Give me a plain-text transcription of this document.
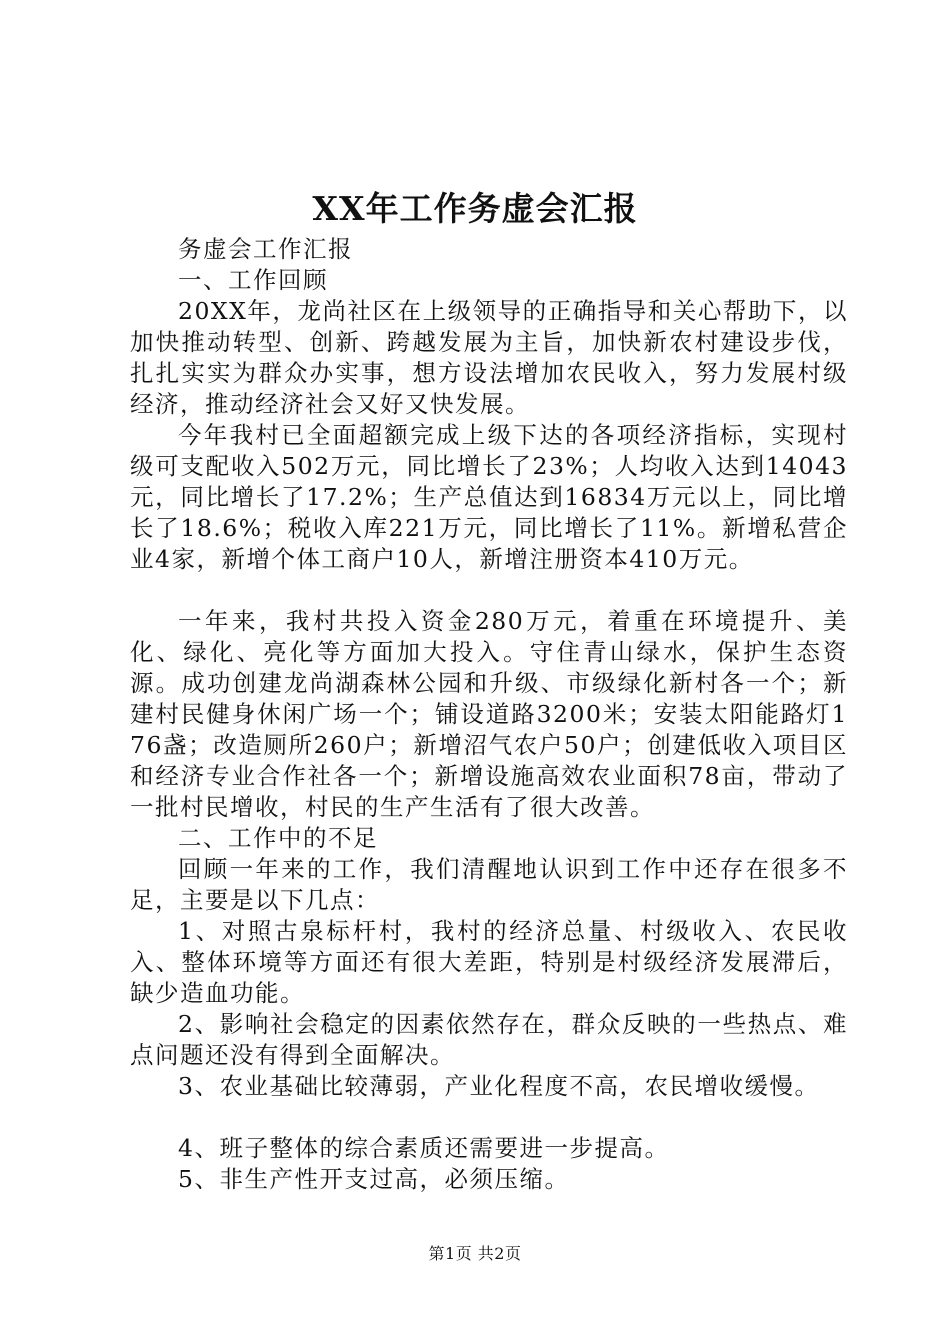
XX年工作务虚会汇报

务虚会工作汇报

一、工作回顾

20XX年，龙尚社区在上级领导的正确指导和关心帮助下，以加快推动转型、创新、跨越发展为主旨，加快新农村建设步伐，扎扎实实为群众办实事，想方设法增加农民收入，努力发展村级经济，推动经济社会又好又快发展。

今年我村已全面超额完成上级下达的各项经济指标，实现村级可支配收入502万元，同比增长了23%；人均收入达到14043元，同比增长了17.2%；生产总值达到16834万元以上，同比增长了18.6%；税收入库221万元，同比增长了11%。新增私营企业4家，新增个体工商户10人，新增注册资本410万元。

一年来，我村共投入资金280万元，着重在环境提升、美化、绿化、亮化等方面加大投入。守住青山绿水，保护生态资源。成功创建龙尚湖森林公园和升级、市级绿化新村各一个；新建村民健身休闲广场一个；铺设道路3200米；安装太阳能路灯176盏；改造厕所260户；新增沼气农户50户；创建低收入项目区和经济专业合作社各一个；新增设施高效农业面积78亩，带动了一批村民增收，村民的生产生活有了很大改善。

二、工作中的不足

回顾一年来的工作，我们清醒地认识到工作中还存在很多不足，主要是以下几点：

1、对照古泉标杆村，我村的经济总量、村级收入、农民收入、整体环境等方面还有很大差距，特别是村级经济发展滞后，缺少造血功能。

2、影响社会稳定的因素依然存在，群众反映的一些热点、难点问题还没有得到全面解决。

3、农业基础比较薄弱，产业化程度不高，农民增收缓慢。

4、班子整体的综合素质还需要进一步提高。

5、非生产性开支过高，必须压缩。

第1页 共2页
